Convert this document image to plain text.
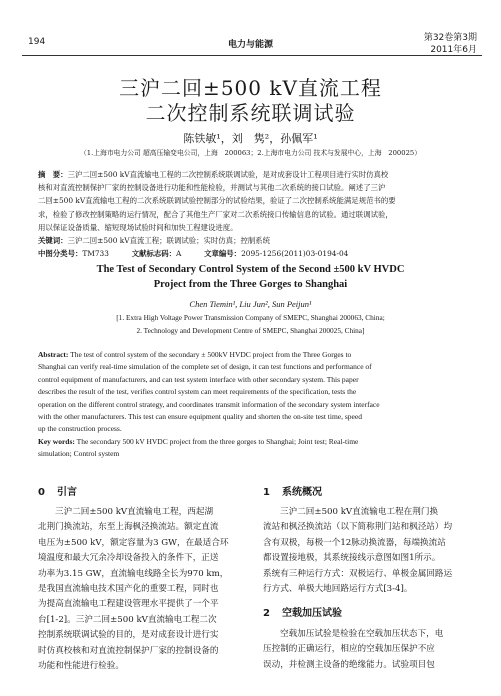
194	电力与能源
第32卷第3期
2011年6月
三沪二回±500 kV直流工程
二次控制系统联调试验
陈铁敏¹，刘　隽²，孙佩军¹
（1.上海市电力公司 超高压输变电公司，上海　200063；2.上海市电力公司 技术与发展中心，上海　200025）
摘　要：三沪二回±500 kV直流输电工程的二次控制系统联调试验，是对成套设计工程项目进行实时仿真校
核和对直流控制保护厂家的控制设备进行功能和性能检验，并测试与其他二次系统的接口试验。阐述了三沪
二回±500 kV直流输电工程的二次系统联调试验控制部分的试验结果，验证了二次控制系统能满足规范书的要
求，检验了修改控制策略的运行情况，配合了其他生产厂家对二次系统接口传输信息的试验。通过联调试验，
用以保证设备质量、缩短现场试验时间和加快工程建设进度。
关键词：三沪二回±500 kV直流工程；联调试验；实时仿真；控制系统
中图分类号：TM733	文献标志码：A	文章编号：2095-1256(2011)03-0194-04
The Test of Secondary Control System of the Second ±500 kV HVDC
Project from the Three Gorges to Shanghai
Chen Tiemin¹, Liu Jun², Sun Peijun¹
[1. Extra High Voltage Power Transmission Company of SMEPC, Shanghai 200063, China;
2. Technology and Development Centre of SMEPC, Shanghai 200025, China]
Abstract: The test of control system of the secondary ± 500kV HVDC project from the Three Gorges to
Shanghai can verify real-time simulation of the complete set of design, it can test functions and performance of
control equipment of manufacturers, and can test system interface with other secondary system. This paper
describes the result of the test, verifies control system can meet requirements of the specification, tests the
operation on the different control strategy, and coordinates transmit information of the secondary system interface
with the other manufacturers. This test can ensure equipment quality and shorten the on-site test time, speed
up the construction process.
Key words: The secondary 500 kV HVDC project from the three gorges to Shanghai; Joint test; Real-time
simulation; Control system
0 引言
三沪二回±500 kV直流输电工程，西起湖
北荆门换流站，东至上海枫泾换流站。额定直流
电压为±500 kV，额定容量为3 GW，在最适合环
境温度和最大冗余冷却设备投入的条件下，正送
功率为3.15 GW，直流输电线路全长为970 km，
是我国直流输电技术国产化的重要工程，同时也
为提高直流输电工程建设管理水平提供了一个平
台[1-2]。三沪二回±500 kV直流输电工程二次
控制系统联调试验的目的，是对成套设计进行实
时仿真校核和对直流控制保护厂家的控制设备的
功能和性能进行检验。
1 系统概况
三沪二回±500 kV直流输电工程在荆门换
流站和枫泾换流站（以下简称荆门站和枫泾站）均
含有双极，每极一个12脉动换流器，每端换流站
都设置接地极，其系统接线示意图如图1所示。
系统有三种运行方式：双极运行、单极金属回路运
行方式、单极大地回路运行方式[3-4]。
2 空载加压试验
空载加压试验是检验在空载加压状态下，电
压控制的正确运行，相应的空载加压保护不应
误动，并检测主设备的绝缘能力。试验项目包
